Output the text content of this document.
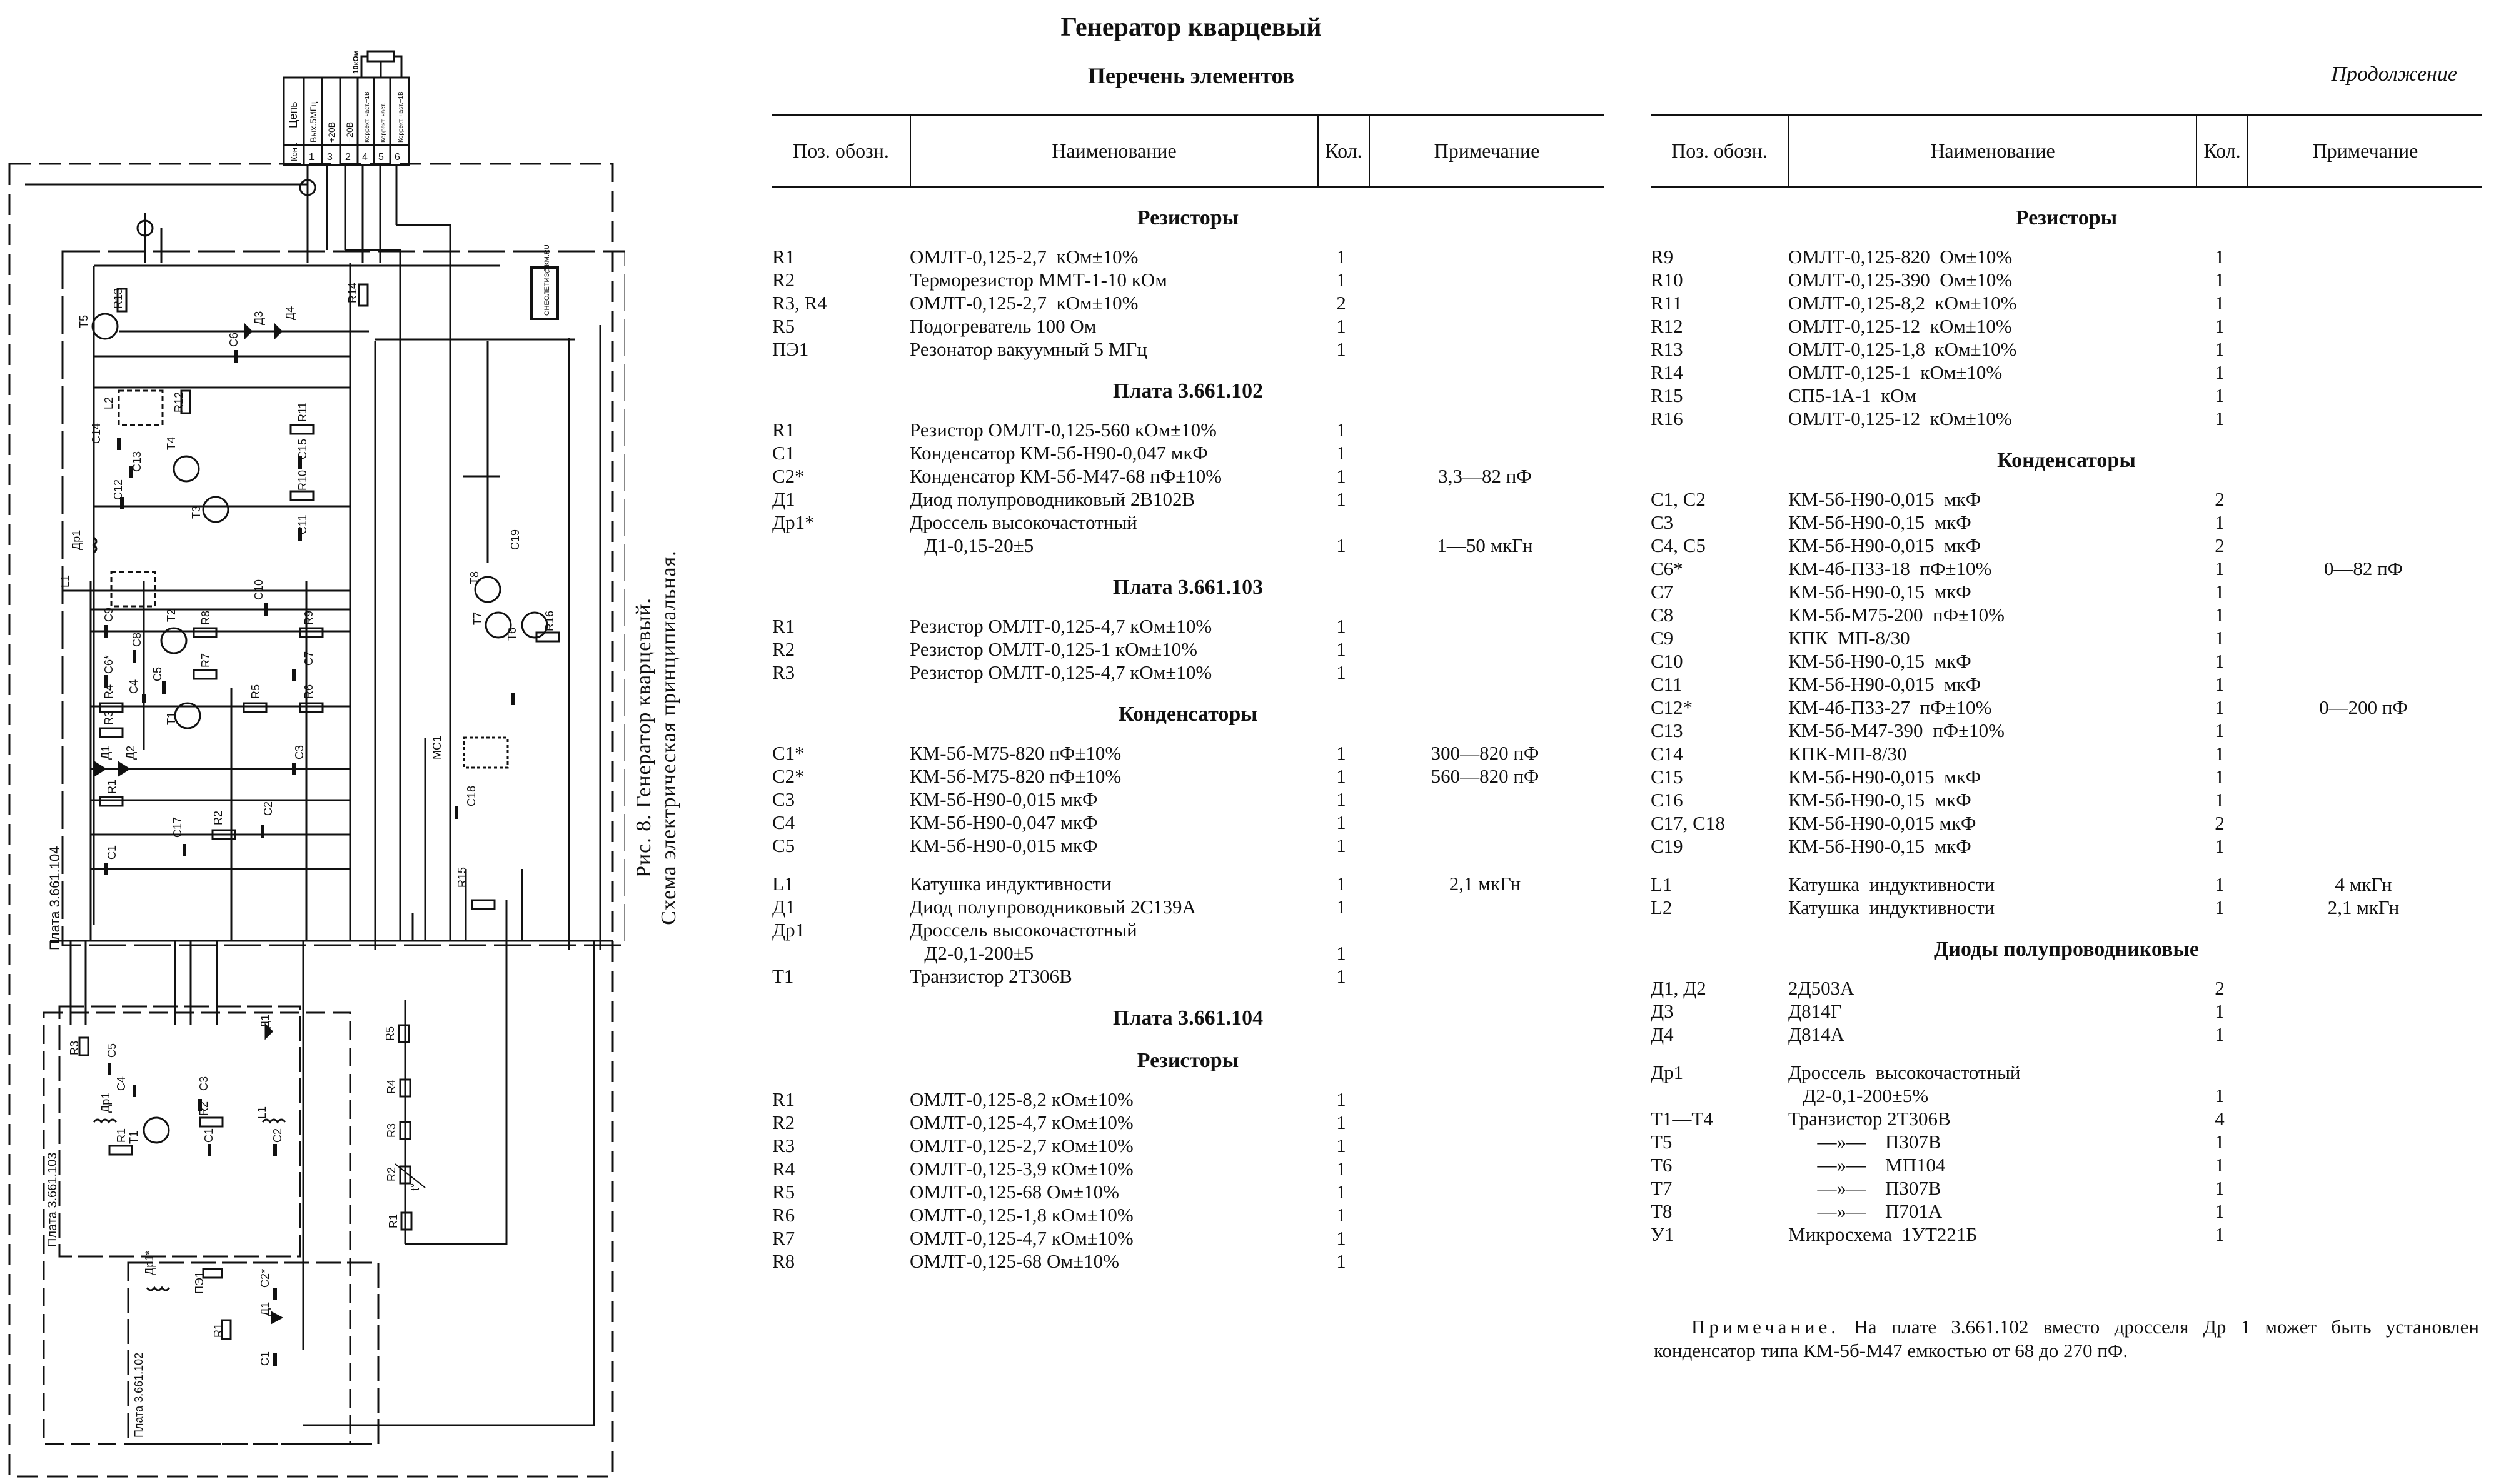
Цепь
Конт.
Вых.5МГц +20В −20В Коррект. част.+1В Коррект. част. Коррект. част.+1В
1 3 2 4 5 6
10кОм
Плата 3.661.104
Плата 3.661.103
Плата 3.661.102
ОНЕОЛЕТИЗ@КМ.RU
R13
T5	Д3 Д4
R14
C6
L2	R12
C14
C13
C12
T4
R11
C15
T3
R10
C11
Др1	C19
T8
T7	R16
T6
МС1
C18
R15
L1	C10
C9
C8
T2 R8	R9
C6*	C7
R7
C5
R4 C4	R5	R6
R3	T1
Д1 Д2	C3
R1
R2
C2
C1
C17
R3 C5
C4
Др1
C3
R2	L1
T1
R1	C1	C2
Д1
Др1*
ПЭ1	C2*
Д1
R1
C1
R5
R4
R3
R2
R1
t°
Рис. 8. Генератор кварцевый. Схема электрическая принципиальная.
Генератор кварцевый
Перечень элементов	Продолжение
Поз. обозн.	Наименование	Кол.	Примечание
Резисторы
R1	ОМЛТ-0,125-2,7  кОм±10%	1
R2	Терморезистор ММТ-1-10 кОм	1
R3, R4	ОМЛТ-0,125-2,7  кОм±10%	2
R5	Подогреватель 100 Ом	1
ПЭ1	Резонатор вакуумный 5 МГц	1
Плата 3.661.102
R1	Резистор ОМЛТ-0,125-560 кОм±10%	1
C1	Конденсатор КМ-5б-Н90-0,047 мкФ	1
C2*	Конденсатор КМ-5б-М47-68 пФ±10%	1	3,3—82 пФ
Д1	Диод полупроводниковый 2В102В	1
Др1*	Дроссель высокочастотный
Д1-0,15-20±5	1	1—50 мкГн
Плата 3.661.103
R1	Резистор ОМЛТ-0,125-4,7 кОм±10%	1
R2	Резистор ОМЛТ-0,125-1 кОм±10%	1
R3	Резистор ОМЛТ-0,125-4,7 кОм±10%	1
Конденсаторы
C1*	КМ-5б-М75-820 пФ±10%	1	300—820 пФ
C2*	КМ-5б-М75-820 пФ±10%	1	560—820 пФ
C3	КМ-5б-Н90-0,015 мкФ	1
C4	КМ-5б-Н90-0,047 мкФ	1
C5	КМ-5б-Н90-0,015 мкФ	1
L1	Катушка индуктивности	1	2,1 мкГн
Д1	Диод полупроводниковый 2С139А	1
Др1	Дроссель высокочастотный
Д2-0,1-200±5	1
T1	Транзистор 2Т306В	1
Плата 3.661.104
Резисторы
R1	ОМЛТ-0,125-8,2 кОм±10%	1
R2	ОМЛТ-0,125-4,7 кОм±10%	1
R3	ОМЛТ-0,125-2,7 кОм±10%	1
R4	ОМЛТ-0,125-3,9 кОм±10%	1
R5	ОМЛТ-0,125-68 Ом±10%	1
R6	ОМЛТ-0,125-1,8 кОм±10%	1
R7	ОМЛТ-0,125-4,7 кОм±10%	1
R8	ОМЛТ-0,125-68 Ом±10%	1
Поз. обозн.	Наименование	Кол.	Примечание
Резисторы
R9	ОМЛТ-0,125-820  Ом±10%	1
R10	ОМЛТ-0,125-390  Ом±10%	1
R11	ОМЛТ-0,125-8,2  кОм±10%	1
R12	ОМЛТ-0,125-12  кОм±10%	1
R13	ОМЛТ-0,125-1,8  кОм±10%	1
R14	ОМЛТ-0,125-1  кОм±10%	1
R15	СП5-1А-1  кОм	1
R16	ОМЛТ-0,125-12  кОм±10%	1
Конденсаторы
C1, C2	КМ-5б-Н90-0,015  мкФ	2
C3	КМ-5б-Н90-0,15  мкФ	1
C4, C5	КМ-5б-Н90-0,015  мкФ	2
C6*	КМ-4б-П33-18  пФ±10%	1	0—82 пФ
C7	КМ-5б-Н90-0,15  мкФ	1
C8	КМ-5б-М75-200  пФ±10%	1
C9	КПК  МП-8/30	1
C10	КМ-5б-Н90-0,15  мкФ	1
C11	КМ-5б-Н90-0,015  мкФ	1
C12*	КМ-4б-П33-27  пФ±10%	1	0—200 пФ
C13	КМ-5б-М47-390  пФ±10%	1
C14	КПК-МП-8/30	1
C15	КМ-5б-Н90-0,015  мкФ	1
C16	КМ-5б-Н90-0,15  мкФ	1
C17, C18	КМ-5б-Н90-0,015 мкФ	2
C19	КМ-5б-Н90-0,15  мкФ	1
L1	Катушка  индуктивности	1	4 мкГн
L2	Катушка  индуктивности	1	2,1 мкГн
Диоды полупроводниковые
Д1, Д2	2Д503А	2
Д3	Д814Г	1
Д4	Д814А	1
Др1	Дроссель  высокочастотный
Д2-0,1-200±5%	1
T1—T4	Транзистор 2Т306В	4
T5	—»—    П307В	1
T6	—»—    МП104	1
T7	—»—    П307В	1
T8	—»—    П701А	1
У1	Микросхема  1УТ221Б	1
Примечание. На плате 3.661.102 вместо дросселя Др 1 может быть установлен конденсатор типа КМ-5б-М47 емкостью от 68 до 270 пФ.
